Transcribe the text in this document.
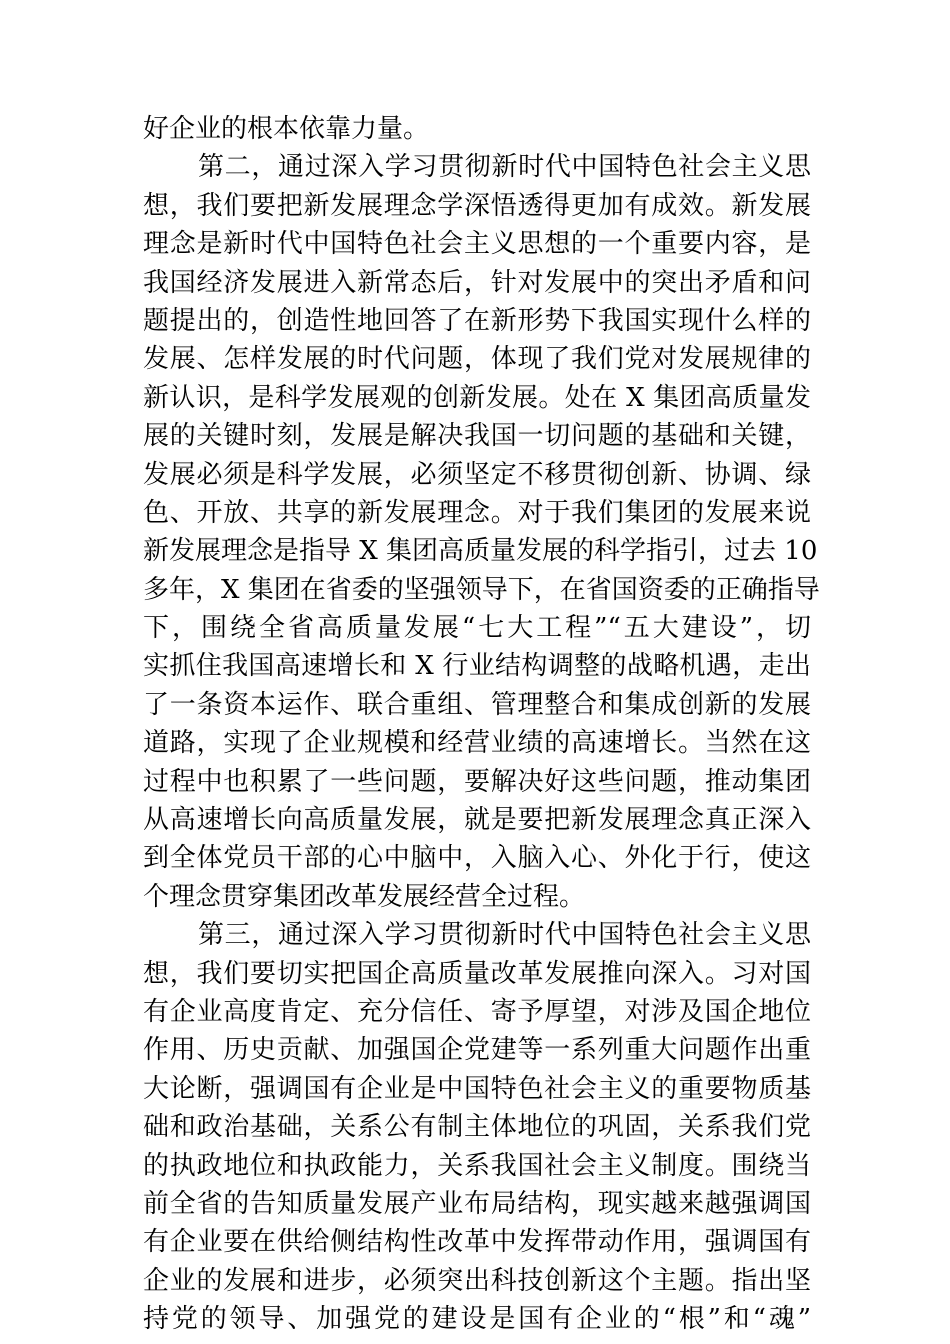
好企业的根本依靠力量。
第二，通过深入学习贯彻新时代中国特色社会主义思
想，我们要把新发展理念学深悟透得更加有成效。新发展
理念是新时代中国特色社会主义思想的一个重要内容，是
我国经济发展进入新常态后，针对发展中的突出矛盾和问
题提出的，创造性地回答了在新形势下我国实现什么样的
发展、怎样发展的时代问题，体现了我们党对发展规律的
新认识，是科学发展观的创新发展。处在 X 集团高质量发
展的关键时刻，发展是解决我国一切问题的基础和关键，
发展必须是科学发展，必须坚定不移贯彻创新、协调、绿
色、开放、共享的新发展理念。对于我们集团的发展来说
新发展理念是指导 X 集团高质量发展的科学指引，过去 10
多年，X 集团在省委的坚强领导下，在省国资委的正确指导
下，围绕全省高质量发展“七大工程”“五大建设”，切
实抓住我国高速增长和 X 行业结构调整的战略机遇，走出
了一条资本运作、联合重组、管理整合和集成创新的发展
道路，实现了企业规模和经营业绩的高速增长。当然在这
过程中也积累了一些问题，要解决好这些问题，推动集团
从高速增长向高质量发展，就是要把新发展理念真正深入
到全体党员干部的心中脑中，入脑入心、外化于行，使这
个理念贯穿集团改革发展经营全过程。
第三，通过深入学习贯彻新时代中国特色社会主义思
想，我们要切实把国企高质量改革发展推向深入。习对国
有企业高度肯定、充分信任、寄予厚望，对涉及国企地位
作用、历史贡献、加强国企党建等一系列重大问题作出重
大论断，强调国有企业是中国特色社会主义的重要物质基
础和政治基础，关系公有制主体地位的巩固，关系我们党
的执政地位和执政能力，关系我国社会主义制度。围绕当
前全省的告知质量发展产业布局结构，现实越来越强调国
有企业要在供给侧结构性改革中发挥带动作用，强调国有
企业的发展和进步，必须突出科技创新这个主题。指出坚
持党的领导、加强党的建设是国有企业的“根”和“魂”
